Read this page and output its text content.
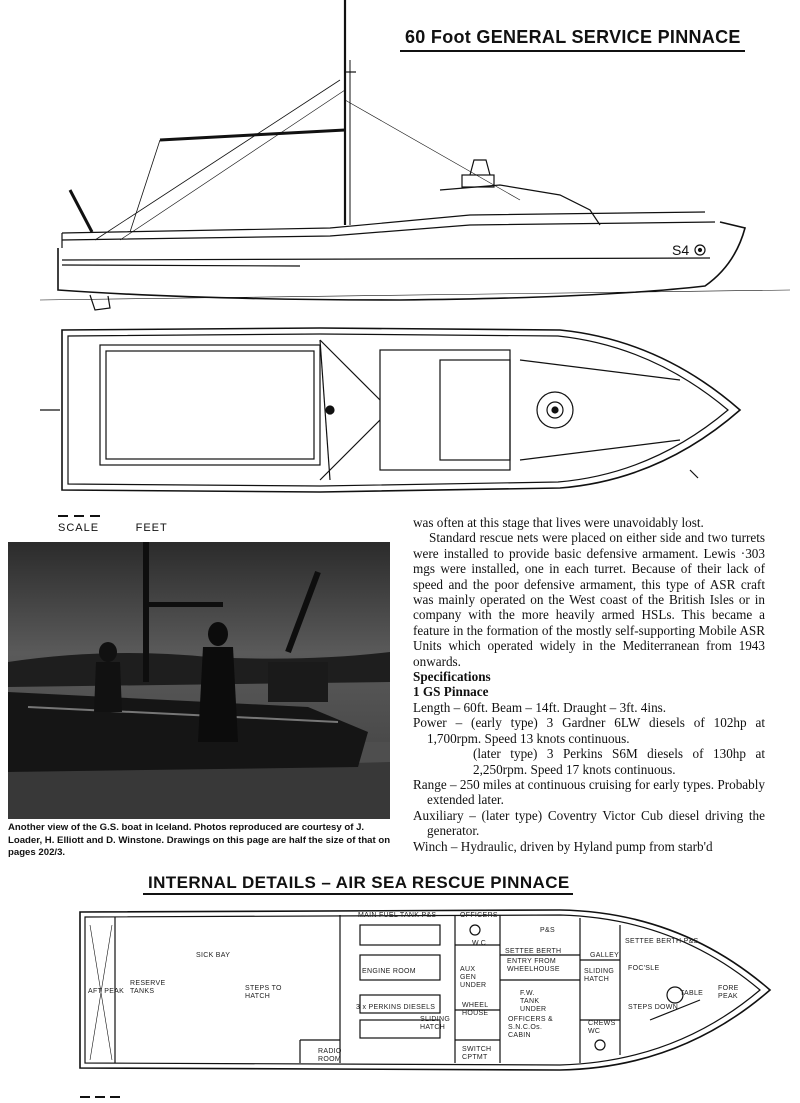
60 Foot GENERAL SERVICE PINNACE
S4

SCALE	FEET
Another view of the G.S. boat in Iceland. Photos reproduced are courtesy of J. Loader, H. Elliott and D. Winstone. Drawings on this page are half the size of that on pages 202/3.

was often at this stage that lives were unavoidably lost.

Standard rescue nets were placed on either side and two turrets were installed to provide basic defensive armament. Lewis ·303 mgs were installed, one in each turret. Because of their lack of speed and the poor defensive armament, this type of ASR craft was mainly operated on the West coast of the British Isles or in company with the more heavily armed HSLs. This became a feature in the formation of the mostly self-supporting Mobile ASR Units which operated widely in the Mediterranean from 1943 onwards.

Specifications

1 GS Pinnace

Length – 60ft. Beam – 14ft. Draught – 3ft. 4ins.

Power – (early type) 3 Gardner 6LW diesels of 102hp at 1,700rpm. Speed 13 knots continuous.

(later type) 3 Perkins S6M diesels of 130hp at 2,250rpm. Speed 17 knots continuous.

Range – 250 miles at continuous cruising for early types. Probably extended later.

Auxiliary – (later type) Coventry Victor Cub diesel driving the generator.

Winch – Hydraulic, driven by Hyland pump from starb'd

INTERNAL DETAILS – AIR SEA RESCUE PINNACE
AFT PEAK
RESERVE TANKS
SICK BAY
STEPS TO HATCH
MAIN FUEL TANK P&S
ENGINE ROOM
3 x PERKINS DIESELS
SLIDING HATCH
RADIO ROOM
OFFICERS
W.C
P&S
SETTEE BERTH
ENTRY FROM WHEELHOUSE
AUX GEN UNDER
WHEEL HOUSE
F.W. TANK UNDER
OFFICERS & S.N.C.Os. CABIN
SWITCH CPTMT
GALLEY
SLIDING HATCH
CREWS WC
SETTEE BERTH P&S
FOC'SLE
TABLE
STEPS DOWN
FORE PEAK
